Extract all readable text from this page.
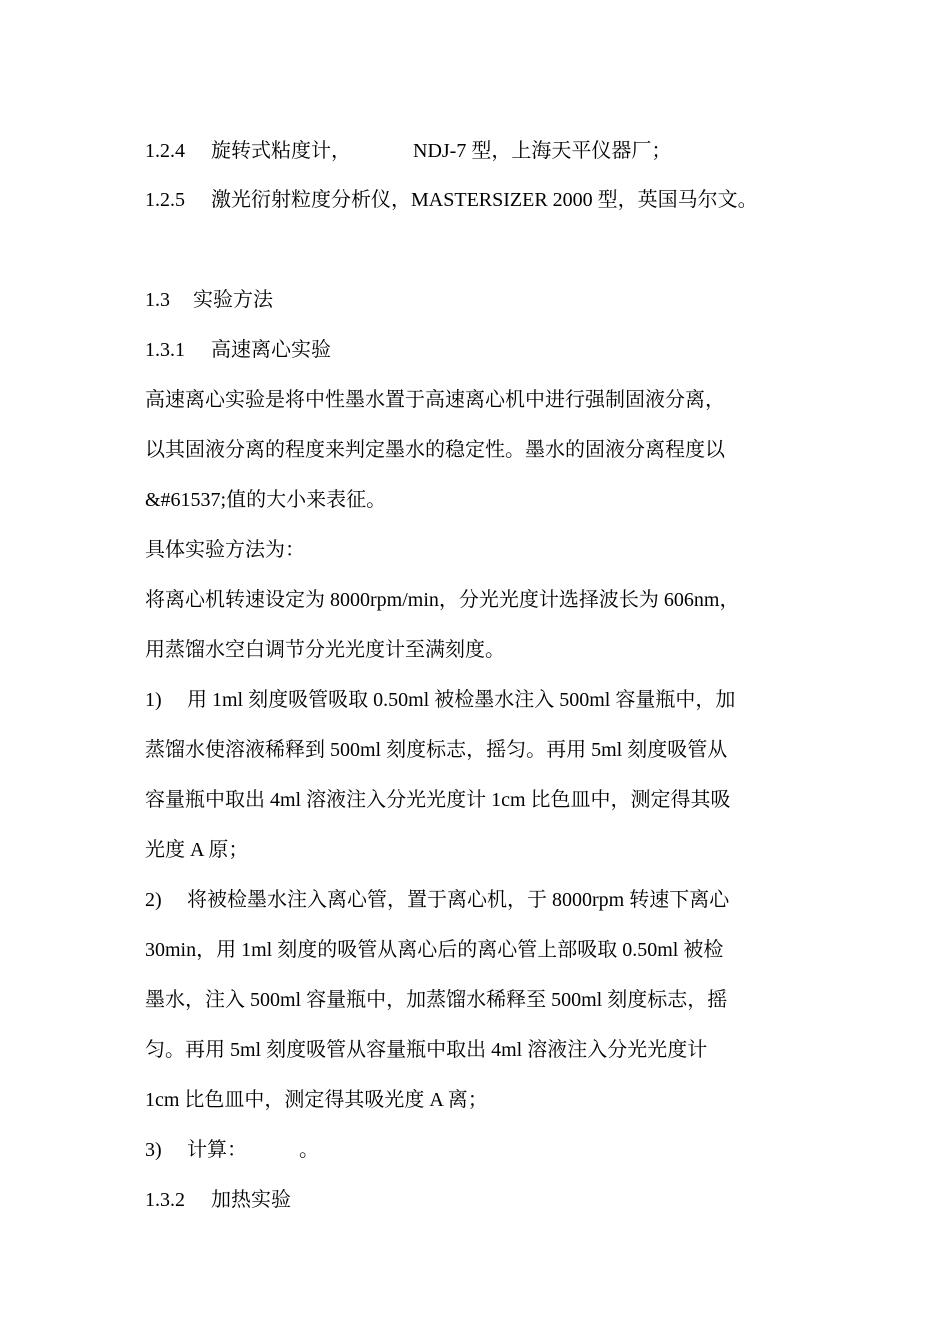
1.2.4 旋转式粘度计，	NDJ-7 型，上海天平仪器厂；
1.2.5 激光衍射粒度分析仪，MASTERSIZER 2000 型，英国马尔文。
1.3 实验方法
1.3.1 高速离心实验
高速离心实验是将中性墨水置于高速离心机中进行强制固液分离，
以其固液分离的程度来判定墨水的稳定性。墨水的固液分离程度以
&#61537;值的大小来表征。
具体实验方法为：
将离心机转速设定为 8000rpm/min，分光光度计选择波长为 606nm，
用蒸馏水空白调节分光光度计至满刻度。
1) 用 1ml 刻度吸管吸取 0.50ml 被检墨水注入 500ml 容量瓶中，加
蒸馏水使溶液稀释到 500ml 刻度标志，摇匀。再用 5ml 刻度吸管从
容量瓶中取出 4ml 溶液注入分光光度计 1cm 比色皿中，测定得其吸
光度 A 原；
2) 将被检墨水注入离心管，置于离心机，于 8000rpm 转速下离心
30min，用 1ml 刻度的吸管从离心后的离心管上部吸取 0.50ml 被检
墨水，注入 500ml 容量瓶中，加蒸馏水稀释至 500ml 刻度标志，摇
匀。再用 5ml 刻度吸管从容量瓶中取出 4ml 溶液注入分光光度计
1cm 比色皿中，测定得其吸光度 A 离；
3) 计算：	。
1.3.2 加热实验
